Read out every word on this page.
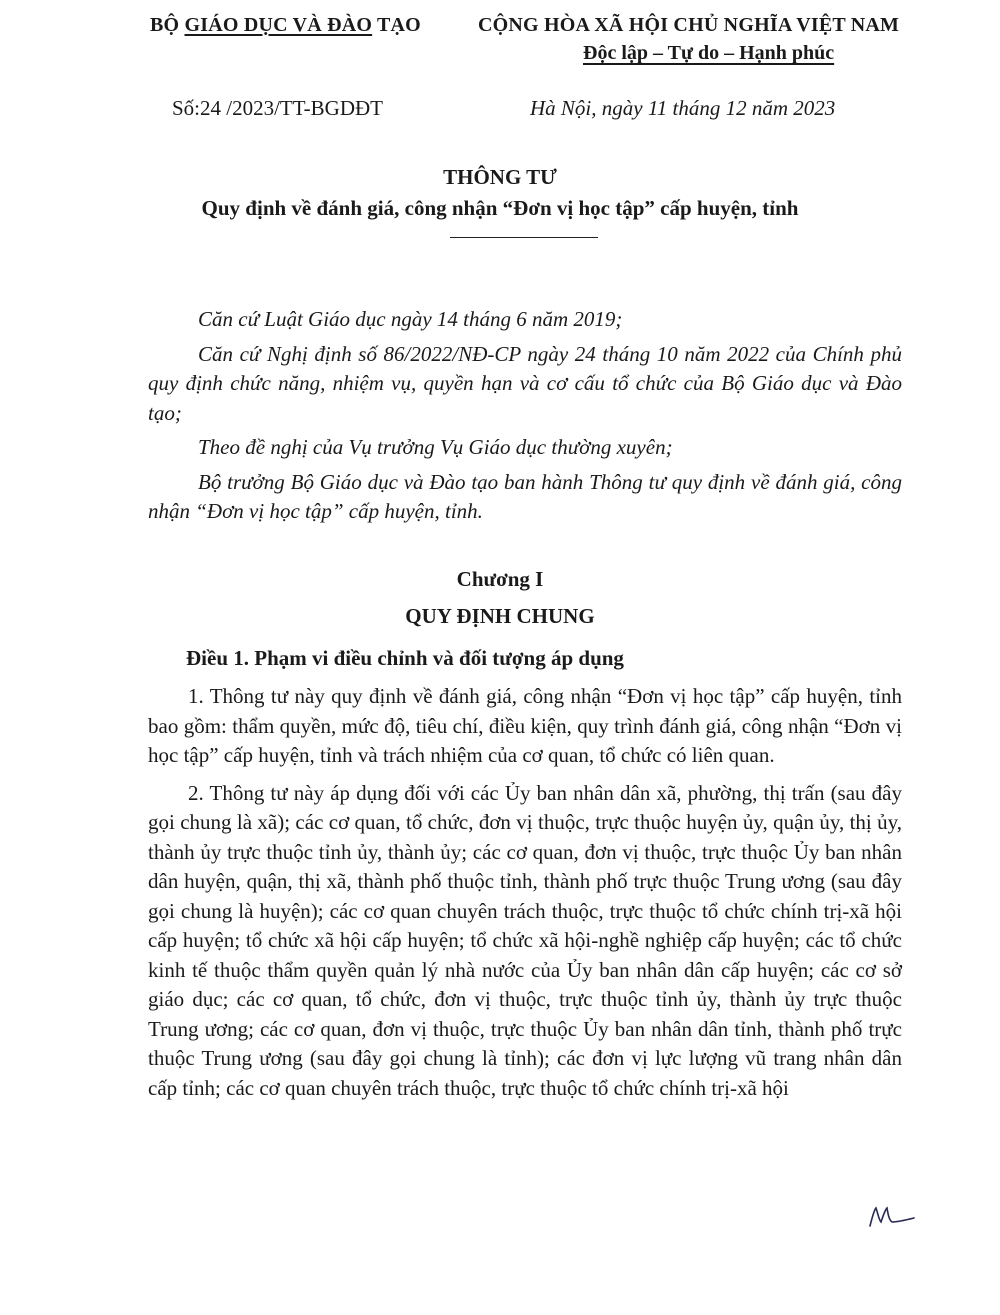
BỘ GIÁO DỤC VÀ ĐÀO TẠO	CỘNG HÒA XÃ HỘI CHỦ NGHĨA VIỆT NAM
Độc lập – Tự do – Hạnh phúc
Số:24 /2023/TT-BGDĐT	Hà Nội, ngày 11 tháng 12 năm 2023
THÔNG TƯ
Quy định về đánh giá, công nhận “Đơn vị học tập” cấp huyện, tỉnh

Căn cứ Luật Giáo dục ngày 14 tháng 6 năm 2019;

Căn cứ Nghị định số 86/2022/NĐ-CP ngày 24 tháng 10 năm 2022 của Chính phủ quy định chức năng, nhiệm vụ, quyền hạn và cơ cấu tổ chức của Bộ Giáo dục và Đào tạo;

Theo đề nghị của Vụ trưởng Vụ Giáo dục thường xuyên;

Bộ trưởng Bộ Giáo dục và Đào tạo ban hành Thông tư quy định về đánh giá, công nhận “Đơn vị học tập” cấp huyện, tỉnh.

Chương I
QUY ĐỊNH CHUNG
Điều 1. Phạm vi điều chỉnh và đối tượng áp dụng

1. Thông tư này quy định về đánh giá, công nhận “Đơn vị học tập” cấp huyện, tỉnh bao gồm: thẩm quyền, mức độ, tiêu chí, điều kiện, quy trình đánh giá, công nhận “Đơn vị học tập” cấp huyện, tỉnh và trách nhiệm của cơ quan, tổ chức có liên quan.

2. Thông tư này áp dụng đối với các Ủy ban nhân dân xã, phường, thị trấn (sau đây gọi chung là xã); các cơ quan, tổ chức, đơn vị thuộc, trực thuộc huyện ủy, quận ủy, thị ủy, thành ủy trực thuộc tỉnh ủy, thành ủy; các cơ quan, đơn vị thuộc, trực thuộc Ủy ban nhân dân huyện, quận, thị xã, thành phố thuộc tỉnh, thành phố trực thuộc Trung ương (sau đây gọi chung là huyện); các cơ quan chuyên trách thuộc, trực thuộc tổ chức chính trị-xã hội cấp huyện; tổ chức xã hội cấp huyện; tổ chức xã hội-nghề nghiệp cấp huyện; các tổ chức kinh tế thuộc thẩm quyền quản lý nhà nước của Ủy ban nhân dân cấp huyện; các cơ sở giáo dục; các cơ quan, tổ chức, đơn vị thuộc, trực thuộc tỉnh ủy, thành ủy trực thuộc Trung ương; các cơ quan, đơn vị thuộc, trực thuộc Ủy ban nhân dân tỉnh, thành phố trực thuộc Trung ương (sau đây gọi chung là tỉnh); các đơn vị lực lượng vũ trang nhân dân cấp tỉnh; các cơ quan chuyên trách thuộc, trực thuộc tổ chức chính trị-xã hội
